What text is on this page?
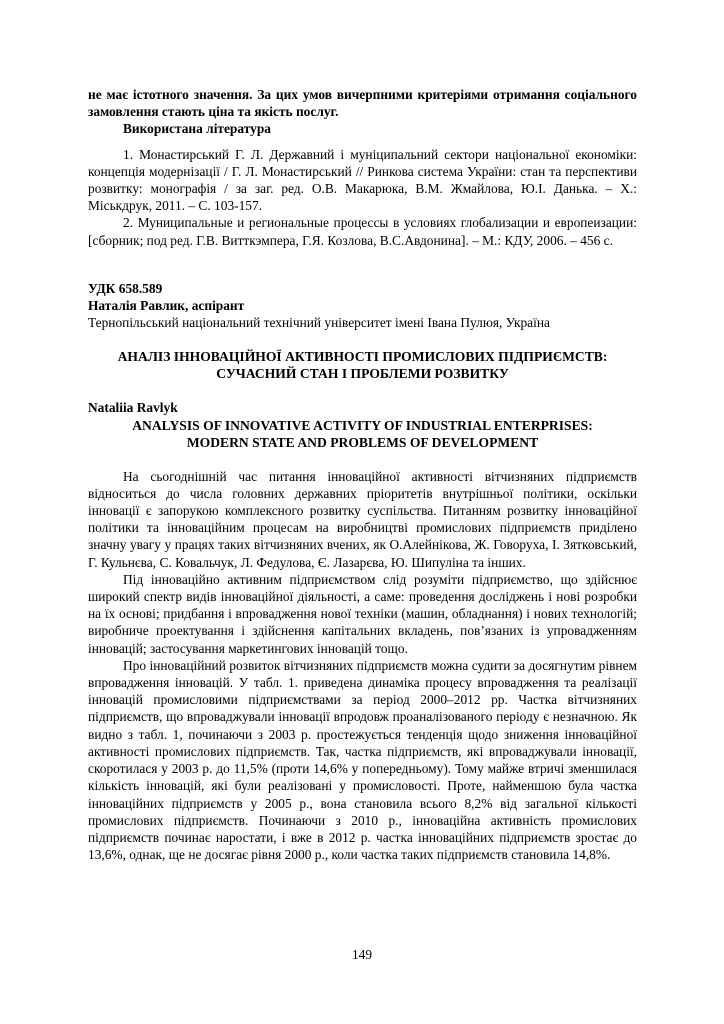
не має істотного значення. За цих умов вичерпними критеріями отримання соціального замовлення стають ціна та якість послуг.

Використана література

1. Монастирський Г. Л. Державний і муніципальний сектори національної економіки: концепція модернізації / Г. Л. Монастирський // Ринкова система України: стан та перспективи розвитку: монографія / за заг. ред. О.В. Макарюка, В.М. Жмайлова, Ю.І. Данька. – Х.: Міськдрук, 2011. – С. 103-157.

2. Муниципальные и региональные процессы в условиях глобализации и европеизации: [сборник; под ред. Г.В. Витткэмпера, Г.Я. Козлова, В.С.Авдонина]. – М.: КДУ, 2006. – 456 с.

УДК 658.589

Наталія Равлик, аспірант

Тернопільський національний технічний університет імені Івана Пулюя, Україна

АНАЛІЗ ІННОВАЦІЙНОЇ АКТИВНОСТІ ПРОМИСЛОВИХ ПІДПРИЄМСТВ:
СУЧАСНИЙ СТАН І ПРОБЛЕМИ РОЗВИТКУ

Nataliia Ravlyk

ANALYSIS OF INNOVATIVE ACTIVITY OF INDUSTRIAL ENTERPRISES:
MODERN STATE AND PROBLEMS OF DEVELOPMENT

На сьогоднішній час питання інноваційної активності вітчизняних підприємств відноситься до числа головних державних пріоритетів внутрішньої політики, оскільки інновації є запорукою комплексного розвитку суспільства. Питанням розвитку інноваційної політики та інноваційним процесам на виробництві промислових підприємств приділено значну увагу у працях таких вітчизняних вчених, як О.Алейнікова, Ж. Говоруха, І. Зятковський, Г. Кульнєва, С. Ковальчук, Л. Федулова, Є. Лазарєва, Ю. Шипуліна та інших.

Під інноваційно активним підприємством слід розуміти підприємство, що здійснює широкий спектр видів інноваційної діяльності, а саме: проведення досліджень і нові розробки на їх основі; придбання і впровадження нової техніки (машин, обладнання) і нових технологій; виробниче проектування і здійснення капітальних вкладень, пов’язаних із упровадженням інновацій; застосування маркетингових інновацій тощо.

Про інноваційний розвиток вітчизняних підприємств можна судити за досягнутим рівнем впровадження інновацій. У табл. 1. приведена динаміка процесу впровадження та реалізації інновацій промисловими підприємствами за період 2000–2012 рр. Частка вітчизняних підприємств, що впроваджували інновації впродовж проаналізованого періоду є незначною. Як видно з табл. 1, починаючи з 2003 р. простежується тенденція щодо зниження інноваційної активності промислових підприємств. Так, частка підприємств, які впроваджували інновації, скоротилася у 2003 р. до 11,5% (проти 14,6% у попередньому). Тому майже втричі зменшилася кількість інновацій, які були реалізовані у промисловості. Проте, найменшою була частка інноваційних підприємств у 2005 р., вона становила всього 8,2% від загальної кількості промислових підприємств. Починаючи з 2010 р., інноваційна активність промислових підприємств починає наростати, і вже в 2012 р. частка інноваційних підприємств зростає до 13,6%, однак, ще не досягає рівня 2000 р., коли частка таких підприємств становила 14,8%.

149
